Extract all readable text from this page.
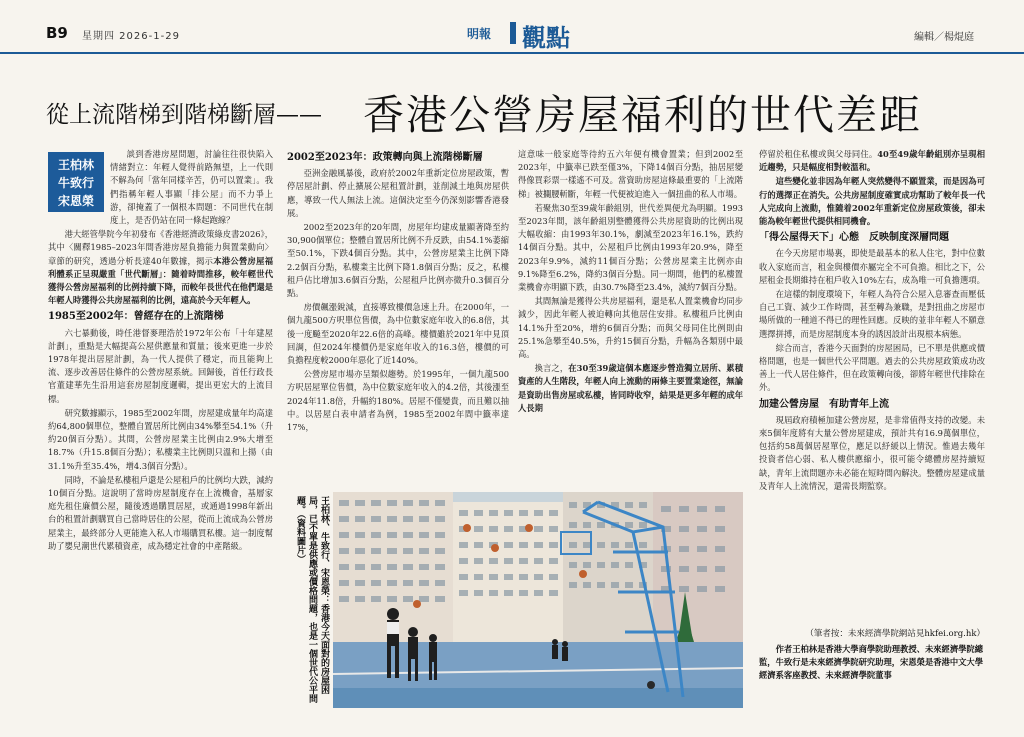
B9 星期四 2026-1-29	明報 觀點	編輯／楊焜庭
從上流階梯到階梯斷層—— 香港公營房屋福利的世代差距
王柏林
牛致行
宋恩榮

談到香港房屋問題，討論往往很快陷入情緒對立：年輕人覺得前路無望，上一代則不解為何「當年同樣辛苦，仍可以置業」。我們指稱年輕人事顯「排公屋」而不力爭上游，卻掩蓋了一個根本問題：不同世代在制度上，是否仍站在同一條起跑線？

港大經管學院今年初發布《香港經濟政策綠皮書2026》，其中〈關釋1985–2023年間香港房屋負擔能力與置業動向〉章節的研究，透過分析長達40年數據，揭示本港公營房屋福利體系正呈現嚴重「世代斷層」：隨着時間推移，較年輕世代獲得公營房屋福利的比例持續下降，而較年長世代在他們還是年輕人時獲得公共房屋福利的比例，遠高於今天年輕人。

1985至2002年：曾經存在的上流階梯

六七暴動後，時任港督麥理浩於1972年公布「十年建屋計劃」，重點是大幅提高公屋供應量和質量；後來更進一步於1978年提出居屋計劃，為一代人提供了穩定，而且能夠上流、逐步改善居住條件的公營房屋系統。回歸後，首任行政長官董建華先生沿用這套房屋制度邏輯，提出更宏大的上流目標。

研究數據顯示，1985至2002年間，房屋建成量年均高達約64,800個單位，整體自置居所比例由34%攀至54.1%（升約20個百分點）。其間，公營房屋業主比例由2.9%大增至18.7%（升15.8個百分點）；私樓業主比例則只溫和上揚（由31.1%升至35.4%，增4.3個百分點）。

同時，不論是私樓租戶還是公屋租戶的比例均大跌，減約10個百分點。這說明了當時房屋制度存在上流機會，基層家庭先租住廉價公屋，隨後透過購買居屋，或通過1998年新出台的租置計劃購買自己當時居住的公屋，從而上流成為公營房屋業主，最終部分人更能進入私人市場購買私樓。這一制度幫助了嬰兒潮世代累積資產，成為穩定社會的中產階級。

2002至2023年：政策轉向與上流階梯斷層

亞洲金融風暴後，政府於2002年重新定位房屋政策，暫停居屋計劃、停止擴展公屋租置計劃，並削減土地與房屋供應，導致一代人無法上流。這個決定至今仍深刻影響香港發展。

2002至2023年的20年間，房屋年均建成量顯著降至約30,900個單位；整體自置居所比例不升反跌，由54.1%萎縮至50.1%，下跌4個百分點。其中，公營房屋業主比例下降2.2個百分點，私樓業主比例下降1.8個百分點；反之，私樓租戶佔比增加3.6個百分點，公屋租戶比例亦微升0.3個百分點。

房價飆漲銳減，直接導致樓價急速上升。在2000年，一個九龍500方呎單位售價，為中位數家庭年收入的6.8倍，其後一度飈至2020年22.6倍的高峰。樓價雖於2021年中見頂回調，但2024年樓價仍是家庭年收入的16.3倍，樓價的可負擔程度較2000年惡化了近140%。

公營房屋市場亦呈類似趨勢。於1995年，一個九龍500方呎居屋單位售價，為中位數家庭年收入的4.2倍，其後漲至2024年11.8倍，升幅約180%。居屋不僅變貴，而且難以抽中。以居屋白表申請者為例，1985至2002年間中籤率達17%，

這意味一般家庭等待約五六年便有機會置業；但到2002至2023年，中籤率已跌至僅3%，下降14個百分點，抽居屋變得像買彩票一樣遙不可及。當資助房屋這條最重要的「上流階梯」被攔腰斬斷，年輕一代便被迫進入一個扭曲的私人市場。

若聚焦30至39歲年齡組別，世代差異便尤為明顯。1993至2023年間，該年齡組別整體獲得公共房屋資助的比例出現大幅收縮：由1993年30.1%，劇減至2023年16.1%，跌約14個百分點。其中，公屋租戶比例由1993年20.9%，降至2023年9.9%，減約11個百分點；公營房屋業主比例亦由9.1%降至6.2%，降約3個百分點。同一期間，他們的私樓置業機會亦明顯下跌，由30.7%降至23.4%，減約7個百分點。

其間無論是獲得公共房屋福利，還是私人置業機會均同步減少，因此年輕人被迫轉向其他居住安排。私樓租戶比例由14.1%升至20%，增約6個百分點；而與父母同住比例則由25.1%急攀至40.5%，升約15個百分點，升幅為各類別中最高。

換言之，在30至39歲這個本應逐步營造獨立居所、累積資產的人生階段，年輕人向上流動的兩條主要置業途徑，無論是資助出售房屋或私樓，皆同時收窄，結果是更多年輕的成年人長期

停留於租住私樓或與父母同住。40至49歲年齡組別亦呈現相近趨勢，只是幅度相對較溫和。

這些變化並非因為年輕人突然變得不願置業，而是因為可行的選擇正在消失。公共房屋制度確實成功幫助了較年長一代人完成向上流動，惟隨着2002年重新定位房屋政策後，卻未能為較年輕世代提供相同機會。

「得公屋得天下」心態　反映制度深層問題

在今天房屋市場裏，即使是最基本的私人住宅，對中位數收入家庭而言，租金與樓價亦屬完全不可負擔。相比之下，公屋租金長期維持在租戶收入10%左右，成為唯一可負擔選項。

在這樣的制度環境下，年輕人為符合公屋入息審查而壓低自己工資、減少工作時間，甚至轉為兼職，是對扭曲之房屋市場所做的一種道不得已的理性回應。反映的並非年輕人不願意選擇拼搏，而是房屋制度本身的誘因設計出現根本病態。

綜合而言，香港今天面對的房屋困局，已不單是供應或價格問題，也是一個世代公平問題。過去的公共房屋政策成功改善上一代人居住條件，但在政策轉向後，卻將年輕世代排除在外。

加建公營房屋　有助青年上流

現屆政府積極加建公營房屋，是非常值得支持的改變。未來5個年度將有大量公營房屋建成，預計共有16.9萬個單位，包括約58萬個居屋單位，應足以紓緩以上情況。惟過去幾年投資者信心弱、私人樓供應縮小，很可能令總體房屋持續短缺，青年上流問題亦未必能在短時間內解決。整體房屋建成量及青年人上流情況，還需長期監察。

王柏林、牛致行、宋恩榮：香港今天面對的房屋困局，已不單是供應或價格問題，也是一個世代公平問題。（資料圖片）
（筆者按：未來經濟學院網站見hkfei.org.hk）
作者王柏林是香港大學商學院助理教授、未來經濟學院總監，牛致行是未來經濟學院研究助理，宋恩榮是香港中文大學經濟系客座教授、未來經濟學院董事
